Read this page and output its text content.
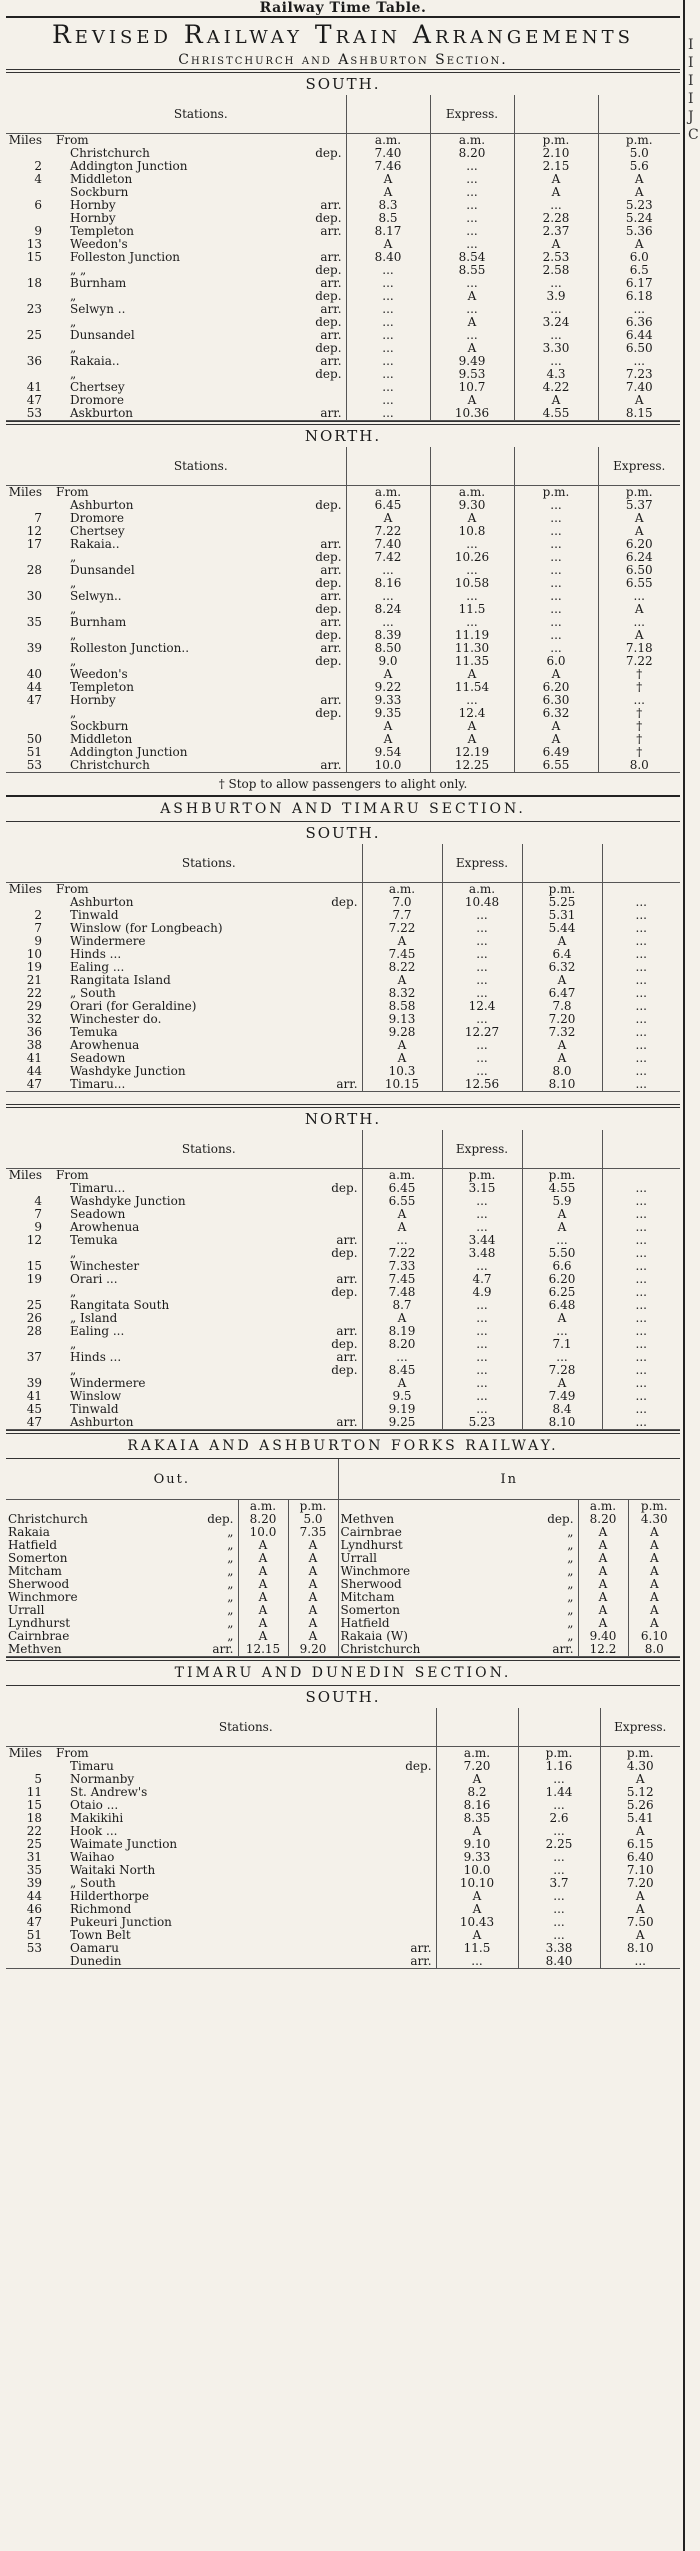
Railway Time Table.
Revised Railway Train Arrangements
Christchurch and Ashburton Section.
SOUTH.
	Stations.			Express.		
Miles	From		a.m.	a.m.	p.m.	p.m.
	Christchurch	dep.	7.40	8.20	2.10	5.0
2	Addington Junction		7.46	...	2.15	5.6
4	Middleton		A	...	A	A
	Sockburn		A	...	A	A
6	Hornby	arr.	8.3	...	...	5.23
	Hornby	dep.	8.5	...	2.28	5.24
9	Templeton	arr.	8.17	...	2.37	5.36
13	Weedon's		A	...	A	A
15	Folleston Junction	arr.	8.40	8.54	2.53	6.0
	„ „	dep.	...	8.55	2.58	6.5
18	Burnham	arr.	...	...	...	6.17
	„	dep.	...	A	3.9	6.18
23	Selwyn ..	arr.	...	...	...	...
	„	dep.	...	A	3.24	6.36
25	Dunsandel	arr.	...	...	...	6.44
	„	dep.	...	A	3.30	6.50
36	Rakaia..	arr.	...	9.49	...	...
	„	dep.	...	9.53	4.3	7.23
41	Chertsey		...	10.7	4.22	7.40
47	Dromore		...	A	A	A
53	Askburton	arr.	...	10.36	4.55	8.15
NORTH.
	Stations.					Express.
Miles	From		a.m.	a.m.	p.m.	p.m.
	Ashburton	dep.	6.45	9.30	...	5.37
7	Dromore		A	A	...	A
12	Chertsey		7.22	10.8	...	A
17	Rakaia..	arr.	7.40	...	...	6.20
	„	dep.	7.42	10.26	...	6.24
28	Dunsandel	arr.	...	...	...	6.50
	„	dep.	8.16	10.58	...	6.55
30	Selwyn..	arr.	...	...	...	...
	„	dep.	8.24	11.5	...	A
35	Burnham	arr.	...	...	...	...
	„	dep.	8.39	11.19	...	A
39	Rolleston Junction..	arr.	8.50	11.30	...	7.18
	„	dep.	9.0	11.35	6.0	7.22
40	Weedon's		A	A	A	†
44	Templeton		9.22	11.54	6.20	†
47	Hornby	arr.	9.33	...	6.30	...
	„	dep.	9.35	12.4	6.32	†
	Sockburn		A	A	A	†
50	Middleton		A	A	A	†
51	Addington Junction		9.54	12.19	6.49	†
53	Christchurch	arr.	10.0	12.25	6.55	8.0
† Stop to allow passengers to alight only.
ASHBURTON AND TIMARU SECTION.
SOUTH.
	Stations.			Express.		
Miles	From		a.m.	a.m.	p.m.	
	Ashburton	dep.	7.0	10.48	5.25	...
2	Tinwald		7.7	...	5.31	...
7	Winslow (for Longbeach)		7.22	...	5.44	...
9	Windermere		A	...	A	...
10	Hinds ...		7.45	...	6.4	...
19	Ealing ...		8.22	...	6.32	...
21	Rangitata Island		A	...	A	...
22	„ South		8.32	...	6.47	...
29	Orari (for Geraldine)		8.58	12.4	7.8	...
32	Winchester do.		9.13	...	7.20	...
36	Temuka		9.28	12.27	7.32	...
38	Arowhenua		A	...	A	...
41	Seadown		A	...	A	...
44	Washdyke Junction		10.3	...	8.0	...
47	Timaru...	arr.	10.15	12.56	8.10	...
NORTH.
	Stations.			Express.		
Miles	From		a.m.	p.m.	p.m.	
	Timaru...	dep.	6.45	3.15	4.55	...
4	Washdyke Junction		6.55	...	5.9	...
7	Seadown		A	...	A	...
9	Arowhenua		A	...	A	...
12	Temuka	arr.	...	3.44	...	...
	„	dep.	7.22	3.48	5.50	...
15	Winchester		7.33	...	6.6	...
19	Orari ...	arr.	7.45	4.7	6.20	...
	„	dep.	7.48	4.9	6.25	...
25	Rangitata South		8.7	...	6.48	...
26	„ Island		A	...	A	...
28	Ealing ...	arr.	8.19	...	...	...
	„	dep.	8.20	...	7.1	...
37	Hinds ...	arr.	...	...	...	...
	„	dep.	8.45	...	7.28	...
39	Windermere		A	...	A	...
41	Winslow		9.5	...	7.49	...
45	Tinwald		9.19	...	8.4	...
47	Ashburton	arr.	9.25	5.23	8.10	...
RAKAIA AND ASHBURTON FORKS RAILWAY.
Out.				In			
		a.m.	p.m.			a.m.	p.m.
Christchurch	dep.	8.20	5.0	Methven	dep.	8.20	4.30
Rakaia	„	10.0	7.35	Cairnbrae	„	A	A
Hatfield	„	A	A	Lyndhurst	„	A	A
Somerton	„	A	A	Urrall	„	A	A
Mitcham	„	A	A	Winchmore	„	A	A
Sherwood	„	A	A	Sherwood	„	A	A
Winchmore	„	A	A	Mitcham	„	A	A
Urrall	„	A	A	Somerton	„	A	A
Lyndhurst	„	A	A	Hatfield	„	A	A
Cairnbrae	„	A	A	Rakaia (W)	„	9.40	6.10
Methven	arr.	12.15	9.20	Christchurch	arr.	12.2	8.0
TIMARU AND DUNEDIN SECTION.
SOUTH.
	Stations.				Express.
Miles	From		a.m.	p.m.	p.m.
	Timaru	dep.	7.20	1.16	4.30
5	Normanby		A	...	A
11	St. Andrew's		8.2	1.44	5.12
15	Otaio ...		8.16	...	5.26
18	Makikihi		8.35	2.6	5.41
22	Hook ...		A	...	A
25	Waimate Junction		9.10	2.25	6.15
31	Waihao		9.33	...	6.40
35	Waitaki North		10.0	...	7.10
39	„ South		10.10	3.7	7.20
44	Hilderthorpe		A	...	A
46	Richmond		A	...	A
47	Pukeuri Junction		10.43	...	7.50
51	Town Belt		A	...	A
53	Oamaru	arr.	11.5	3.38	8.10
	Dunedin	arr.	...	8.40	...
I
I
I
I
J
C
